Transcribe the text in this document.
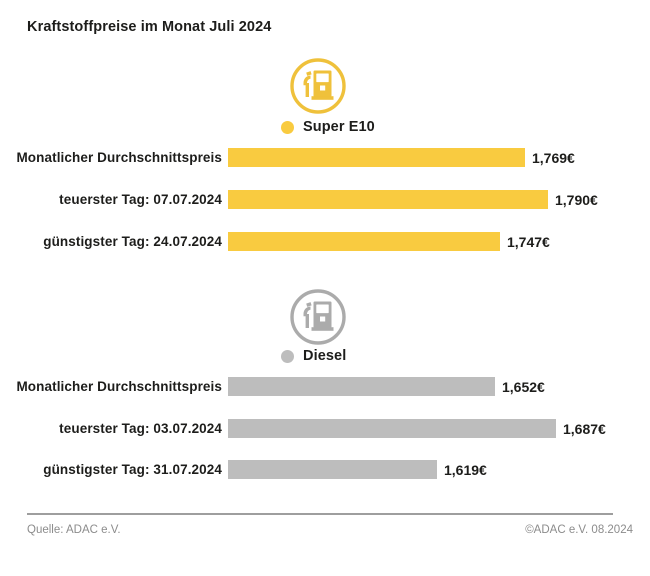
Kraftstoffpreise im Monat Juli 2024
Super E10
Monatlicher Durchschnittspreis	1,769€
teuerster Tag: 07.07.2024	1,790€
günstigster Tag: 24.07.2024	1,747€
Diesel
Monatlicher Durchschnittspreis	1,652€
teuerster Tag: 03.07.2024	1,687€
günstigster Tag: 31.07.2024	1,619€
Quelle: ADAC e.V.	©ADAC e.V. 08.2024
